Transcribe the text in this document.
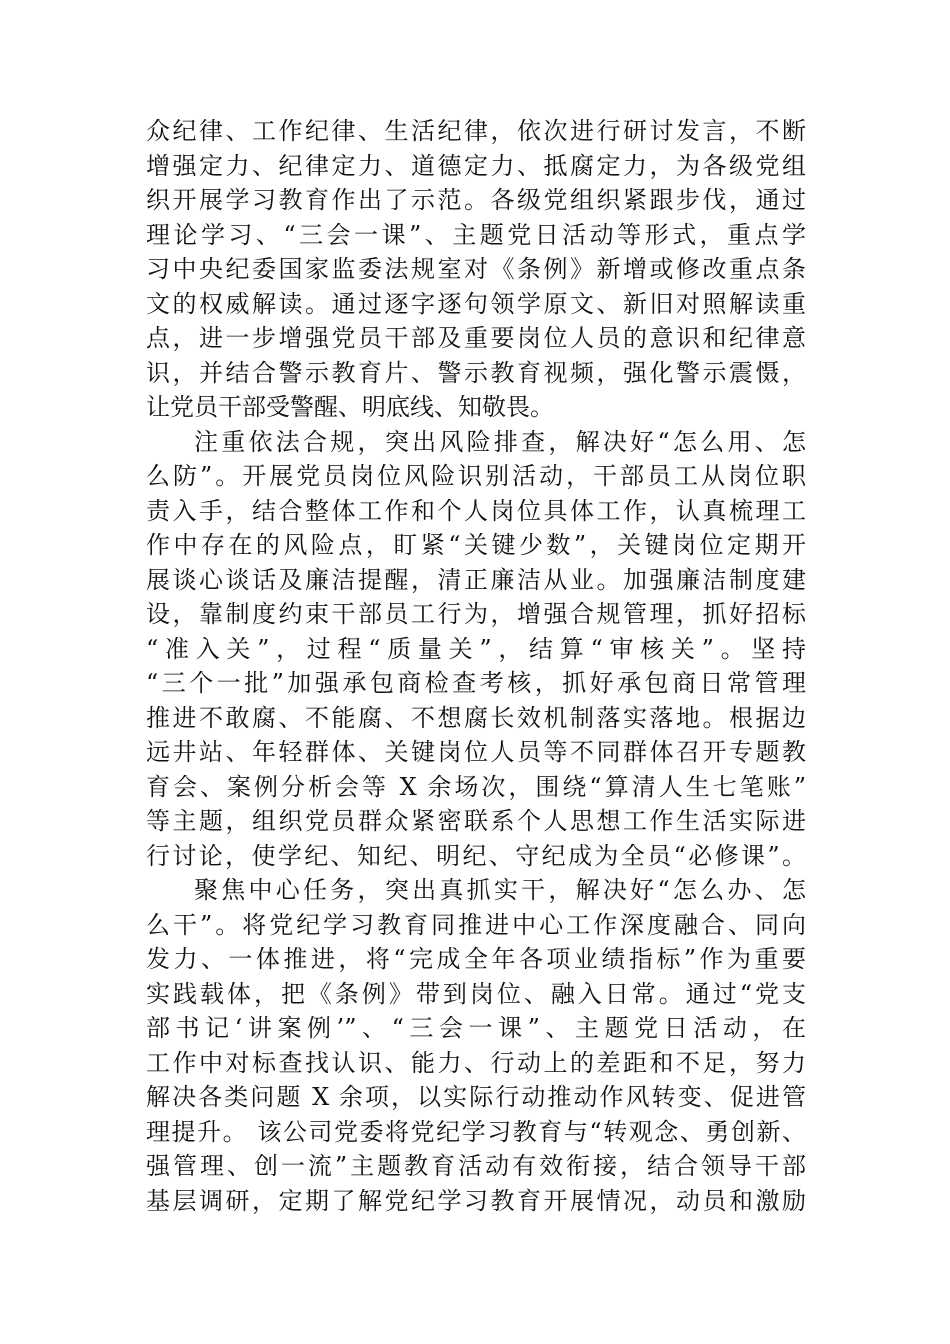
众纪律、工作纪律、生活纪律，依次进行研讨发言，不断
增强定力、纪律定力、道德定力、抵腐定力，为各级党组
织开展学习教育作出了示范。各级党组织紧跟步伐，通过
理论学习、“三会一课”、主题党日活动等形式，重点学
习中央纪委国家监委法规室对《条例》新增或修改重点条
文的权威解读。通过逐字逐句领学原文、新旧对照解读重
点，进一步增强党员干部及重要岗位人员的意识和纪律意
识，并结合警示教育片、警示教育视频，强化警示震慑，
让党员干部受警醒、明底线、知敬畏。
注重依法合规，突出风险排查，解决好“怎么用、怎
么防”。开展党员岗位风险识别活动，干部员工从岗位职
责入手，结合整体工作和个人岗位具体工作，认真梳理工
作中存在的风险点，盯紧“关键少数”，关键岗位定期开
展谈心谈话及廉洁提醒，清正廉洁从业。加强廉洁制度建
设，靠制度约束干部员工行为，增强合规管理，抓好招标
“准入关”，过程“质量关”，结算“审核关”。坚持
“三个一批”加强承包商检查考核，抓好承包商日常管理
推进不敢腐、不能腐、不想腐长效机制落实落地。根据边
远井站、年轻群体、关键岗位人员等不同群体召开专题教
育会、案例分析会等 X 余场次，围绕“算清人生七笔账”
等主题，组织党员群众紧密联系个人思想工作生活实际进
行讨论，使学纪、知纪、明纪、守纪成为全员“必修课”。
聚焦中心任务，突出真抓实干，解决好“怎么办、怎
么干”。将党纪学习教育同推进中心工作深度融合、同向
发力、一体推进，将“完成全年各项业绩指标”作为重要
实践载体，把《条例》带到岗位、融入日常。通过“党支
部书记‘讲案例’”、“三会一课”、主题党日活动，在
工作中对标查找认识、能力、行动上的差距和不足，努力
解决各类问题 X 余项，以实际行动推动作风转变、促进管
理提升。 该公司党委将党纪学习教育与“转观念、勇创新、
强管理、创一流”主题教育活动有效衔接，结合领导干部
基层调研，定期了解党纪学习教育开展情况，动员和激励
